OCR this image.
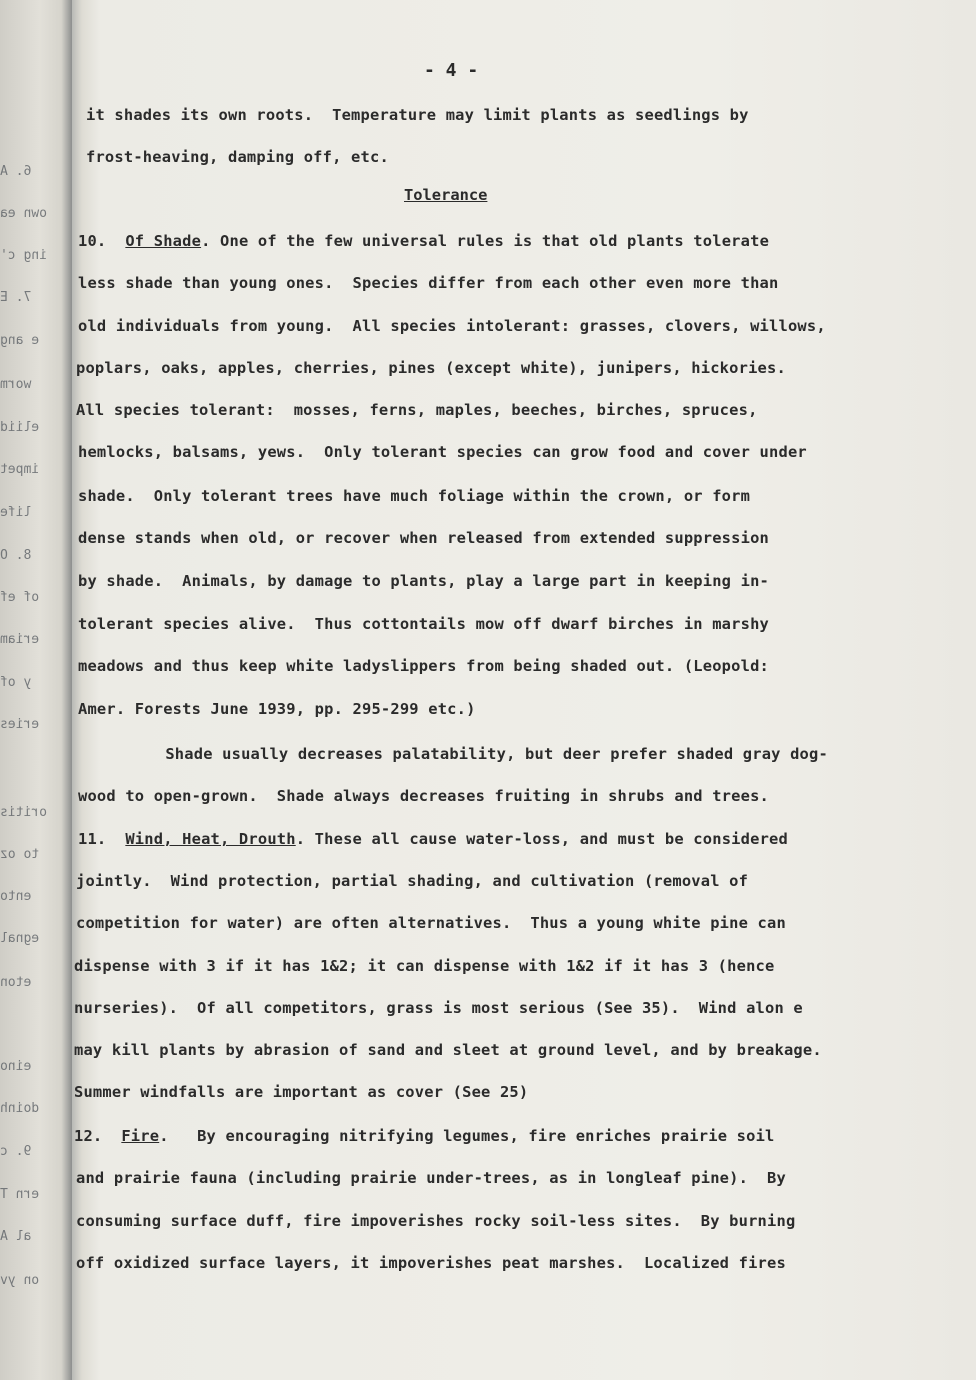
6. A
own ea
ing c'
7. E
e ang
worm
eliid
impet
life
8. O
of ef
eriam
y of
eries
oritis
to oz
ento
egnal
eton
eino
doinh
9. c
ern T
al A
on yv
- 4 -
Tolerance
it shades its own roots.  Temperature may limit plants as seedlings by
frost-heaving, damping off, etc.
10.  Of Shade. One of the few universal rules is that old plants tolerate
less shade than young ones.  Species differ from each other even more than
old individuals from young.  All species intolerant: grasses, clovers, willows,
poplars, oaks, apples, cherries, pines (except white), junipers, hickories.
All species tolerant:  mosses, ferns, maples, beeches, birches, spruces,
hemlocks, balsams, yews.  Only tolerant species can grow food and cover under
shade.  Only tolerant trees have much foliage within the crown, or form
dense stands when old, or recover when released from extended suppression
by shade.  Animals, by damage to plants, play a large part in keeping in-
tolerant species alive.  Thus cottontails mow off dwarf birches in marshy
meadows and thus keep white ladyslippers from being shaded out. (Leopold:
Amer. Forests June 1939, pp. 295-299 etc.)
Shade usually decreases palatability, but deer prefer shaded gray dog-
wood to open-grown.  Shade always decreases fruiting in shrubs and trees.
11.  Wind, Heat, Drouth. These all cause water-loss, and must be considered
jointly.  Wind protection, partial shading, and cultivation (removal of
competition for water) are often alternatives.  Thus a young white pine can
dispense with 3 if it has 1&2; it can dispense with 1&2 if it has 3 (hence
nurseries).  Of all competitors, grass is most serious (See 35).  Wind alon e
may kill plants by abrasion of sand and sleet at ground level, and by breakage.
Summer windfalls are important as cover (See 25)
12.  Fire.   By encouraging nitrifying legumes, fire enriches prairie soil
and prairie fauna (including prairie under-trees, as in longleaf pine).  By
consuming surface duff, fire impoverishes rocky soil-less sites.  By burning
off oxidized surface layers, it impoverishes peat marshes.  Localized fires
